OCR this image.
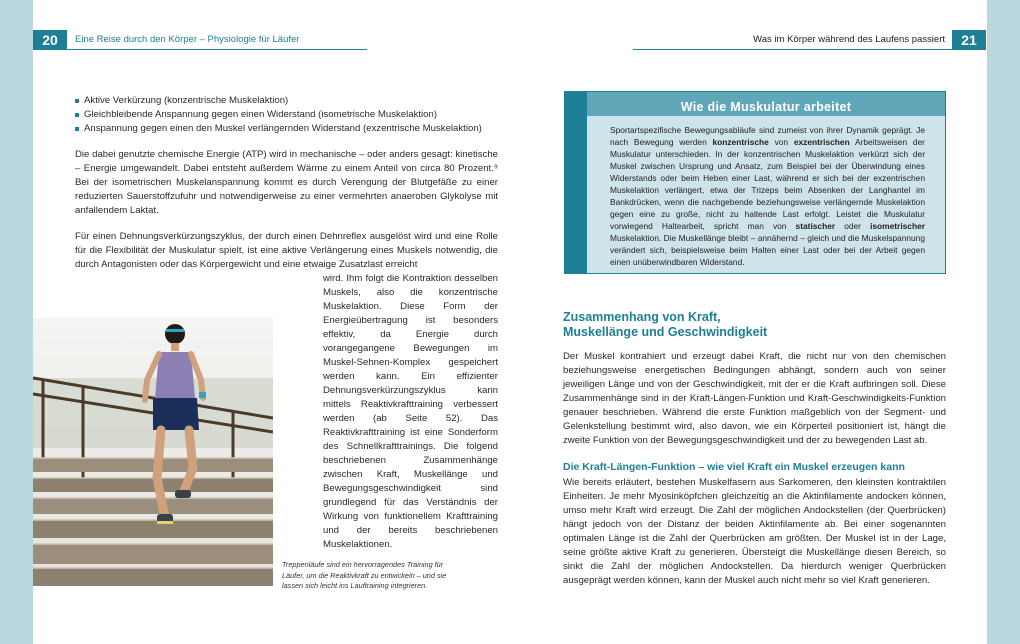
20 Eine Reise durch den Körper – Physiologie für Läufer	Was im Körper während des Laufens passiert 21
Aktive Verkürzung (konzentrische Muskelaktion)
Gleichbleibende Anspannung gegen einen Widerstand (isometrische Muskelaktion)
Anspannung gegen einen den Muskel verlängernden Widerstand (exzentrische Muskelaktion)

Die dabei genutzte chemische Energie (ATP) wird in mechanische – oder anders gesagt: kinetische – Energie umgewandelt. Dabei entsteht außerdem Wärme zu einem Anteil von circa 80 Prozent.⁹ Bei der isometrischen Muskelanspannung kommt es durch Verengung der Blutgefäße zu einer reduzierten Sauerstoffzufuhr und notwendigerweise zu einer vermehrten anaeroben Glykolyse mit anfallendem Laktat.

Für einen Dehnungsverkürzungszyklus, der durch einen Dehnreflex ausgelöst wird und eine Rolle für die Flexibilität der Muskulatur spielt, ist eine aktive Verlängerung eines Muskels notwendig, die durch Antagonisten oder das Körpergewicht und eine etwaige Zusatzlast erreicht

wird. Ihm folgt die Kontraktion desselben Muskels, also die konzentrische Muskelaktion. Diese Form der Energieübertragung ist besonders effektiv, da Energie durch vorangegangene Bewegungen im Muskel-Sehnen-Komplex gespeichert werden kann. Ein effizienter Dehnungsverkürzungszyklus kann mittels Reaktivkrafttraining verbessert werden (ab Seite 52). Das Reaktivkrafttraining ist eine Sonderform des Schnellkrafttrainings. Die folgend beschriebenen Zusammenhänge zwischen Kraft, Muskellänge und Bewegungsgeschwindigkeit sind grundlegend für das Verständnis der Wirkung von funktionellem Krafttraining und der bereits beschriebenen Muskelaktionen.

Treppenläufe sind ein hervorragendes Training für Läufer, um die Reaktivkraft zu entwickeln – und sie lassen sich leicht ins Lauftraining integrieren.
Wie die Muskulatur arbeitet
Sportartspezifische Bewegungsabläufe sind zumeist von ihrer Dynamik geprägt. Je nach Bewegung werden konzentrische von exzentrischen Arbeitsweisen der Muskulatur unterschieden. In der konzentrischen Muskelaktion verkürzt sich der Muskel zwischen Ursprung und Ansatz, zum Beispiel bei der Überwindung eines Widerstands oder beim Heben einer Last, während er sich bei der exzentrischen Muskelaktion verlängert, etwa der Trizeps beim Absenken der Langhantel im Bankdrücken, wenn die nachgebende beziehungsweise verlängernde Muskelaktion gegen eine zu große, nicht zu haltende Last erfolgt. Leistet die Muskulatur vorwiegend Haltearbeit, spricht man von statischer oder isometrischer Muskelaktion. Die Muskellänge bleibt – annähernd – gleich und die Muskelspannung verändert sich, beispielsweise beim Halten einer Last oder bei der Arbeit gegen einen unüberwindbaren Widerstand.
Zusammenhang von Kraft,
Muskellänge und Geschwindigkeit

Der Muskel kontrahiert und erzeugt dabei Kraft, die nicht nur von den chemischen beziehungsweise energetischen Bedingungen abhängt, sondern auch von seiner jeweiligen Länge und von der Geschwindigkeit, mit der er die Kraft aufbringen soll. Diese Zusammenhänge sind in der Kraft-Längen-Funktion und Kraft-Geschwindigkeits-Funktion genauer beschrieben. Während die erste Funktion maßgeblich von der Segment- und Gelenkstellung bestimmt wird, also davon, wie ein Körperteil positioniert ist, hängt die zweite Funktion von der Bewegungsgeschwindigkeit und der zu bewegenden Last ab.

Die Kraft-Längen-Funktion – wie viel Kraft ein Muskel erzeugen kann

Wie bereits erläutert, bestehen Muskelfasern aus Sarkomeren, den kleinsten kontraktilen Einheiten. Je mehr Myosinköpfchen gleichzeitig an die Aktinfilamente andocken können, umso mehr Kraft wird erzeugt. Die Zahl der möglichen Andockstellen (der Querbrücken) hängt jedoch von der Distanz der beiden Aktinfilamente ab. Bei einer sogenannten optimalen Länge ist die Zahl der Querbrücken am größten. Der Muskel ist in der Lage, seine größte aktive Kraft zu generieren. Übersteigt die Muskellänge diesen Bereich, so sinkt die Zahl der möglichen Andockstellen. Da hierdurch weniger Querbrücken ausgeprägt werden können, kann der Muskel auch nicht mehr so viel Kraft generieren.
